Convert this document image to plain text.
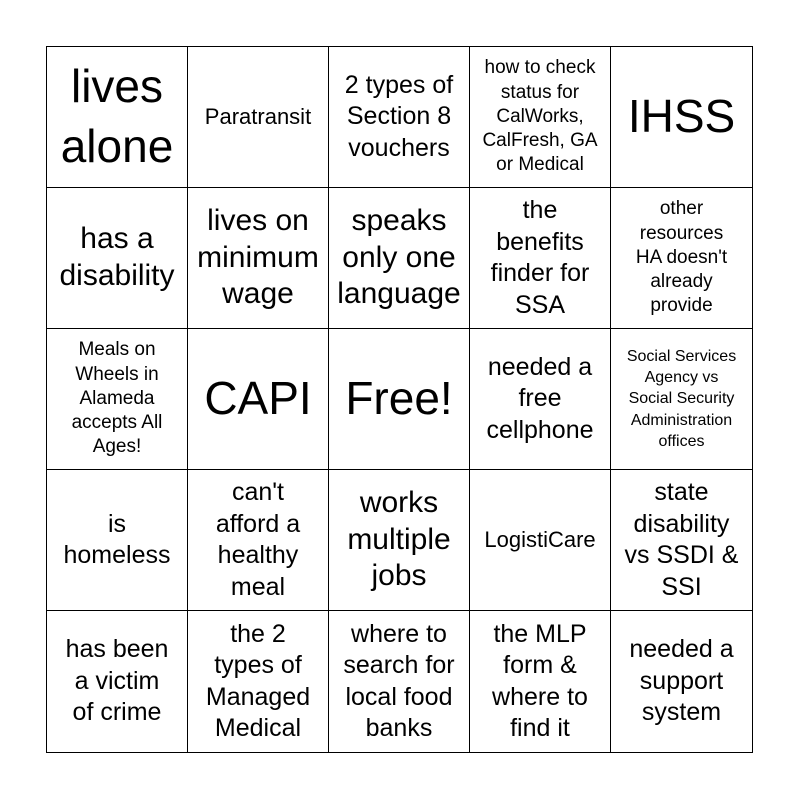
lives
alone
Paratransit
2 types of
Section 8
vouchers
how to check
status for
CalWorks,
CalFresh, GA
or Medical
IHSS
has a
disability
lives on
minimum
wage
speaks
only one
language
the
benefits
finder for
SSA
other
resources
HA doesn't
already
provide
Meals on
Wheels in
Alameda
accepts All
Ages!
CAPI Free!
needed a
free
cellphone
Social Services
Agency vs
Social Security
Administration
offices
is
homeless
can't
afford a
healthy
meal
works
multiple
jobs
LogistiCare
state
disability
vs SSDI &
SSI
has been
a victim
of crime
the 2
types of
Managed
Medical
where to
search for
local food
banks
the MLP
form &
where to
find it
needed a
support
system
